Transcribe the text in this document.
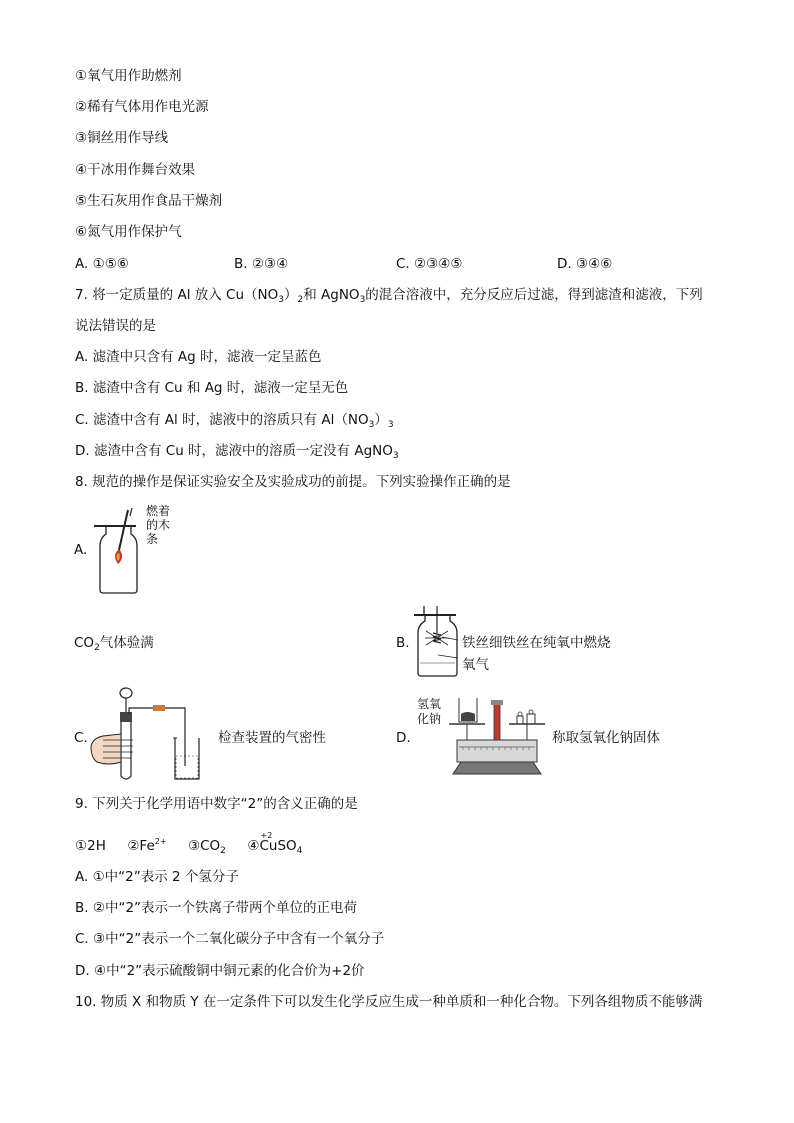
①氧气用作助燃剂
②稀有气体用作电光源
③铜丝用作导线
④干冰用作舞台效果
⑤生石灰用作食品干燥剂
⑥氮气用作保护气
A. ①⑤⑥	B. ②③④	C. ②③④⑤	D. ③④⑥
7. 将一定质量的 Al 放入 $Cu(NO_3)_2$和 AgNO$_3$的混合溶液中，充分反应后过滤，得到滤渣和滤液，下列
说法错误的是
A. 滤渣中只含有 Ag 时，滤液一定呈蓝色
B. 滤渣中含有 Cu 和 Ag 时，滤液一定呈无色
C. 滤渣中含有 Al 时，滤液中的溶质只有 $Al(NO_3)_3$
D. 滤渣中含有 Cu 时，滤液中的溶质一定没有 AgNO$_3$
8. 规范的操作是保证实验安全及实验成功的前提。下列实验操作正确的是
A.
燃着
的木
条
$CO_2$气体验满	B.	铁丝细铁丝在纯氧中燃烧
氧气
C.	检查装置的气密性	D.
氢氧
化钠
称取氢氧化钠固体
9. 下列关于化学用语中数字“2”的含义正确的是
①2H $②Fe^{2+}$ $③CO_2$ ④
+2
CuSO$_4$
A. ①中“2”表示 2 个氢分子
B. ②中“2”表示一个铁离子带两个单位的正电荷
C. ③中“2”表示一个二氧化碳分子中含有一个氧分子
D. ④中“2”表示硫酸铜中铜元素的化合价为+2价
10. 物质 X 和物质 Y 在一定条件下可以发生化学反应生成一种单质和一种化合物。下列各组物质不能够满
